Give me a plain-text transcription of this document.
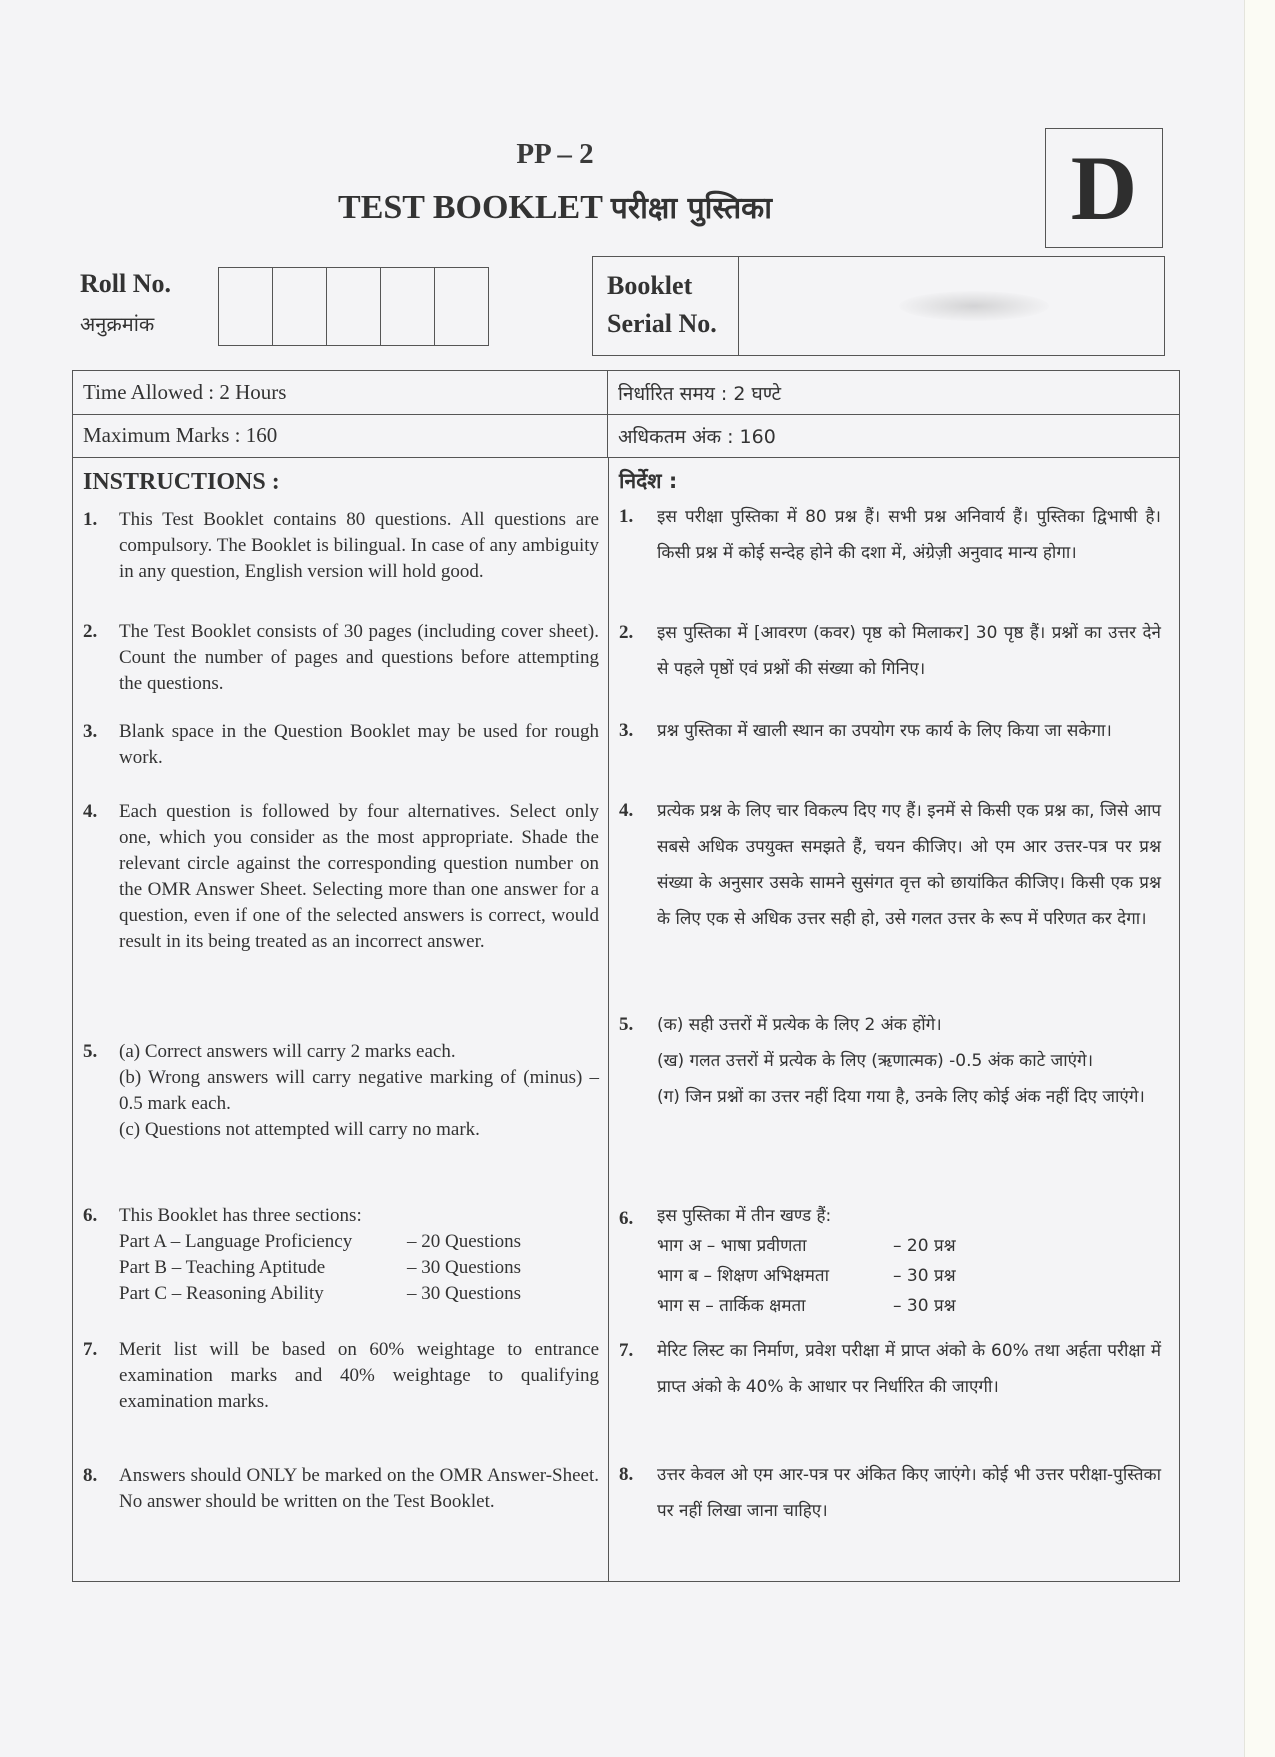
PP – 2
TEST BOOKLET परीक्षा पुस्तिका	D
Roll No.
अनुक्रमांक
Booklet
Serial No.
Time Allowed : 2 Hours	निर्धारित समय : 2 घण्टे
Maximum Marks : 160	अधिकतम अंक : 160
INSTRUCTIONS :	निर्देश :
1.	This Test Booklet contains 80 questions. All questions are compulsory. The Booklet is bilingual. In case of any ambiguity in any question, English version will hold good.
2.	The Test Booklet consists of 30 pages (including cover sheet). Count the number of pages and questions before attempting the questions.
3.	Blank space in the Question Booklet may be used for rough work.
4.	Each question is followed by four alternatives. Select only one, which you consider as the most appropriate. Shade the relevant circle against the corresponding question number on the OMR Answer Sheet. Selecting more than one answer for a question, even if one of the selected answers is correct, would result in its being treated as an incorrect answer.
5.	(a) Correct answers will carry 2 marks each.
(b) Wrong answers will carry negative marking of (minus) – 0.5 mark each.
(c) Questions not attempted will carry no mark.
6.	This Booklet has three sections:
Part A – Language Proficiency	– 20 Questions
Part B – Teaching Aptitude	– 30 Questions
Part C – Reasoning Ability	– 30 Questions
7.	Merit list will be based on 60% weightage to entrance examination marks and 40% weightage to qualifying examination marks.
8.	Answers should ONLY be marked on the OMR Answer-Sheet. No answer should be written on the Test Booklet.
1.	इस परीक्षा पुस्तिका में 80 प्रश्न हैं। सभी प्रश्न अनिवार्य हैं। पुस्तिका द्विभाषी है। किसी प्रश्न में कोई सन्देह होने की दशा में, अंग्रेज़ी अनुवाद मान्य होगा।
2.	इस पुस्तिका में [आवरण (कवर) पृष्ठ को मिलाकर] 30 पृष्ठ हैं। प्रश्नों का उत्तर देने से पहले पृष्ठों एवं प्रश्नों की संख्या को गिनिए।
3.	प्रश्न पुस्तिका में खाली स्थान का उपयोग रफ कार्य के लिए किया जा सकेगा।
4.	प्रत्येक प्रश्न के लिए चार विकल्प दिए गए हैं। इनमें से किसी एक प्रश्न का, जिसे आप सबसे अधिक उपयुक्त समझते हैं, चयन कीजिए। ओ एम आर उत्तर-पत्र पर प्रश्न संख्या के अनुसार उसके सामने सुसंगत वृत्त को छायांकित कीजिए। किसी एक प्रश्न के लिए एक से अधिक उत्तर सही हो, उसे गलत उत्तर के रूप में परिणत कर देगा।
5.	(क) सही उत्तरों में प्रत्येक के लिए 2 अंक होंगे।
(ख) गलत उत्तरों में प्रत्येक के लिए (ऋणात्मक) -0.5 अंक काटे जाएंगे।
(ग) जिन प्रश्नों का उत्तर नहीं दिया गया है, उनके लिए कोई अंक नहीं दिए जाएंगे।
6.	इस पुस्तिका में तीन खण्ड हैं:
भाग अ – भाषा प्रवीणता	– 20 प्रश्न
भाग ब – शिक्षण अभिक्षमता	– 30 प्रश्न
भाग स – तार्किक क्षमता	– 30 प्रश्न
7.	मेरिट लिस्ट का निर्माण, प्रवेश परीक्षा में प्राप्त अंको के 60% तथा अर्हता परीक्षा में प्राप्त अंको के 40% के आधार पर निर्धारित की जाएगी।
8.	उत्तर केवल ओ एम आर-पत्र पर अंकित किए जाएंगे। कोई भी उत्तर परीक्षा-पुस्तिका पर नहीं लिखा जाना चाहिए।
